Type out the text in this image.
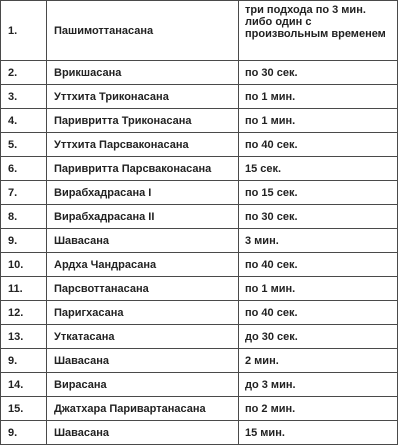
1.	Пашимоттанасана	три подхода по 3 мин. либо один с произвольным временем
2.	Врикшасана	по 30 сек.
3.	Уттхита Триконасана	по 1 мин.
4.	Паривритта Триконасана	по 1 мин.
5.	Уттхита Парсваконасана	по 40 сек.
6.	Паривритта Парсваконасана	15 сек.
7.	Вирабхадрасана I	по 15 сек.
8.	Вирабхадрасана II	по 30 сек.
9.	Шавасана	3 мин.
10.	Ардха Чандрасана	по 40 сек.
11.	Парсвоттанасана	по 1 мин.
12.	Паригхасана	по 40 сек.
13.	Уткатасана	до 30 сек.
9.	Шавасана	2 мин.
14.	Вирасана	до 3 мин.
15.	Джатхара Паривартанасана	по 2 мин.
9.	Шавасана	15 мин.
